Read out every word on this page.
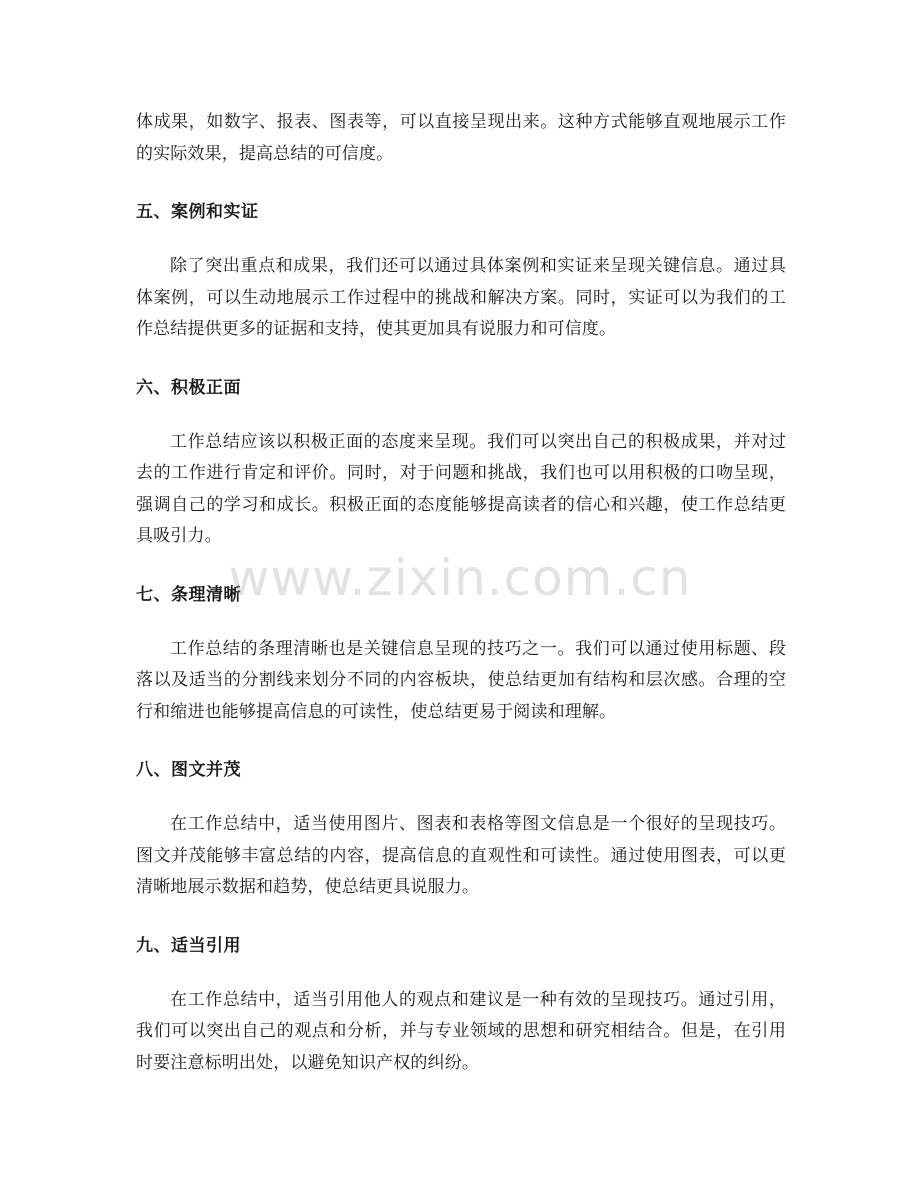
体成果，如数字、报表、图表等，可以直接呈现出来。这种方式能够直观地展示工作的实际效果，提高总结的可信度。

五、案例和实证

除了突出重点和成果，我们还可以通过具体案例和实证来呈现关键信息。通过具体案例，可以生动地展示工作过程中的挑战和解决方案。同时，实证可以为我们的工作总结提供更多的证据和支持，使其更加具有说服力和可信度。

六、积极正面

工作总结应该以积极正面的态度来呈现。我们可以突出自己的积极成果，并对过去的工作进行肯定和评价。同时，对于问题和挑战，我们也可以用积极的口吻呈现，强调自己的学习和成长。积极正面的态度能够提高读者的信心和兴趣，使工作总结更具吸引力。

七、条理清晰

工作总结的条理清晰也是关键信息呈现的技巧之一。我们可以通过使用标题、段落以及适当的分割线来划分不同的内容板块，使总结更加有结构和层次感。合理的空行和缩进也能够提高信息的可读性，使总结更易于阅读和理解。

八、图文并茂

在工作总结中，适当使用图片、图表和表格等图文信息是一个很好的呈现技巧。图文并茂能够丰富总结的内容，提高信息的直观性和可读性。通过使用图表，可以更清晰地展示数据和趋势，使总结更具说服力。

九、适当引用

在工作总结中，适当引用他人的观点和建议是一种有效的呈现技巧。通过引用，我们可以突出自己的观点和分析，并与专业领域的思想和研究相结合。但是，在引用时要注意标明出处，以避免知识产权的纠纷。

www.zixin.com.cn
